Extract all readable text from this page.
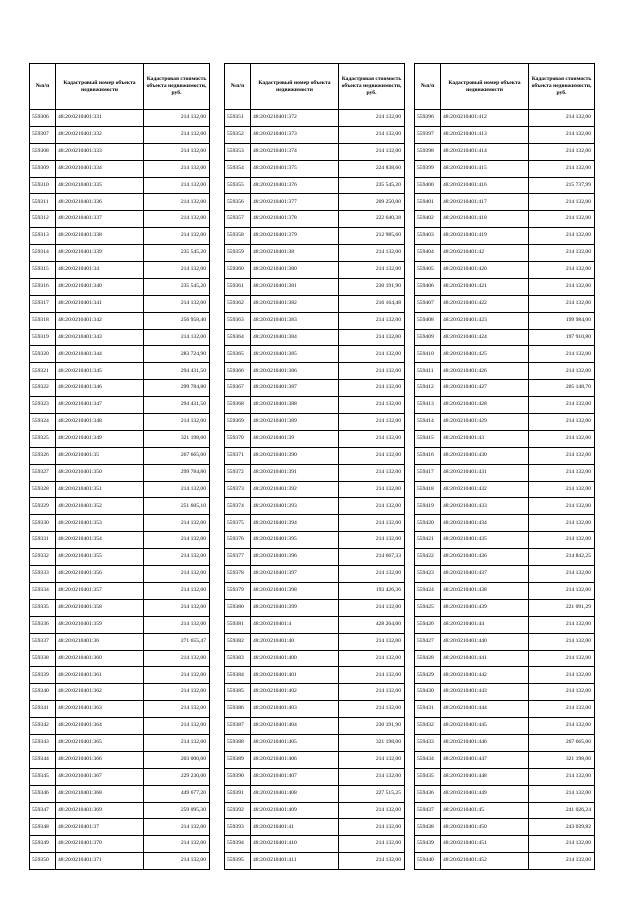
№п/п	Кадастровый номер объекта недвижимости	Кадастровая стоимость объекта недвижимости, руб.
559306	48:20:0210401:331	214 132,00
559307	48:20:0210401:332	214 132,00
559308	48:20:0210401:333	214 132,00
559309	48:20:0210401:334	214 132,00
559310	48:20:0210401:335	214 132,00
559311	48:20:0210401:336	214 132,00
559312	48:20:0210401:337	214 132,00
559313	48:20:0210401:338	214 132,00
559314	48:20:0210401:339	235 545,20
559315	48:20:0210401:34	214 132,00
559316	48:20:0210401:340	235 545,20
559317	48:20:0210401:341	214 132,00
559318	48:20:0210401:342	256 958,40
559319	48:20:0210401:343	214 132,00
559320	48:20:0210401:344	283 724,90
559321	48:20:0210401:345	294 431,50
559322	48:20:0210401:346	299 784,80
559323	48:20:0210401:347	294 431,50
559324	48:20:0210401:348	214 132,00
559325	48:20:0210401:349	321 198,00
559326	48:20:0210401:35	267 665,00
559327	48:20:0210401:350	299 784,80
559328	48:20:0210401:351	214 132,00
559329	48:20:0210401:352	251 605,10
559330	48:20:0210401:353	214 132,00
559331	48:20:0210401:354	214 132,00
559332	48:20:0210401:355	214 132,00
559333	48:20:0210401:356	214 132,00
559334	48:20:0210401:357	214 132,00
559335	48:20:0210401:358	214 132,00
559336	48:20:0210401:359	214 132,00
559337	48:20:0210401:36	271 655,47
559338	48:20:0210401:360	214 132,00
559339	48:20:0210401:361	214 132,00
559340	48:20:0210401:362	214 132,00
559341	48:20:0210401:363	214 132,00
559342	48:20:0210401:364	214 132,00
559343	48:20:0210401:365	214 132,00
559344	48:20:0210401:366	203 000,00
559345	48:20:0210401:367	229 230,00
559346	48:20:0210401:368	449 677,20
559347	48:20:0210401:369	259 095,30
559348	48:20:0210401:37	214 132,00
559349	48:20:0210401:370	214 132,00
559350	48:20:0210401:371	214 132,00
№п/п	Кадастровый номер объекта недвижимости	Кадастровая стоимость объекта недвижимости, руб.
559351	48:20:0210401:372	214 132,00
559352	48:20:0210401:373	214 132,00
559353	48:20:0210401:374	214 132,00
559354	48:20:0210401:375	224 838,60
559355	48:20:0210401:376	235 545,20
559356	48:20:0210401:377	209 250,00
559357	48:20:0210401:378	222 640,38
559358	48:20:0210401:379	212 985,60
559359	48:20:0210401:38	214 132,00
559360	48:20:0210401:380	214 132,00
559361	48:20:0210401:381	230 191,90
559362	48:20:0210401:382	216 164,48
559363	48:20:0210401:383	214 132,00
559364	48:20:0210401:384	214 132,00
559365	48:20:0210401:385	214 132,00
559366	48:20:0210401:386	214 132,00
559367	48:20:0210401:387	214 132,00
559368	48:20:0210401:388	214 132,00
559369	48:20:0210401:389	214 132,00
559370	48:20:0210401:39	214 132,00
559371	48:20:0210401:390	214 132,00
559372	48:20:0210401:391	214 132,00
559373	48:20:0210401:392	214 132,00
559374	48:20:0210401:393	214 132,00
559375	48:20:0210401:394	214 132,00
559376	48:20:0210401:395	214 132,00
559377	48:20:0210401:396	214 667,33
559378	48:20:0210401:397	214 132,00
559379	48:20:0210401:398	193 426,36
559380	48:20:0210401:399	214 132,00
559381	48:20:0210401:4	428 264,00
559382	48:20:0210401:40	214 132,00
559383	48:20:0210401:400	214 132,00
559384	48:20:0210401:401	214 132,00
559385	48:20:0210401:402	214 132,00
559386	48:20:0210401:403	214 132,00
559387	48:20:0210401:404	230 191,90
559388	48:20:0210401:405	321 198,00
559389	48:20:0210401:406	214 132,00
559390	48:20:0210401:407	214 132,00
559391	48:20:0210401:408	227 515,25
559392	48:20:0210401:409	214 132,00
559393	48:20:0210401:41	214 132,00
559394	48:20:0210401:410	214 132,00
559395	48:20:0210401:411	214 132,00
№п/п	Кадастровый номер объекта недвижимости	Кадастровая стоимость объекта недвижимости, руб.
559396	48:20:0210401:412	214 132,00
559397	48:20:0210401:413	214 132,00
559398	48:20:0210401:414	214 132,00
559399	48:20:0210401:415	214 132,00
559400	48:20:0210401:416	215 737,99
559401	48:20:0210401:417	214 132,00
559402	48:20:0210401:418	214 132,00
559403	48:20:0210401:419	214 132,00
559404	48:20:0210401:42	214 132,00
559405	48:20:0210401:420	214 132,00
559406	48:20:0210401:421	214 132,00
559407	48:20:0210401:422	214 132,00
559408	48:20:0210401:423	199 984,00
559409	48:20:0210401:424	197 910,80
559410	48:20:0210401:425	214 132,00
559411	48:20:0210401:426	214 132,00
559412	48:20:0210401:427	205 148,70
559413	48:20:0210401:428	214 132,00
559414	48:20:0210401:429	214 132,00
559415	48:20:0210401:43	214 132,00
559416	48:20:0210401:430	214 132,00
559417	48:20:0210401:431	214 132,00
559418	48:20:0210401:432	214 132,00
559419	48:20:0210401:433	214 132,00
559420	48:20:0210401:434	214 132,00
559421	48:20:0210401:435	214 132,00
559422	48:20:0210401:436	214 842,25
559423	48:20:0210401:437	214 132,00
559424	48:20:0210401:438	214 132,00
559425	48:20:0210401:439	221 091,29
559426	48:20:0210401:44	214 132,00
559427	48:20:0210401:440	214 132,00
559428	48:20:0210401:441	214 132,00
559429	48:20:0210401:442	214 132,00
559430	48:20:0210401:443	214 132,00
559431	48:20:0210401:444	214 132,00
559432	48:20:0210401:445	214 132,00
559433	48:20:0210401:446	267 665,00
559434	48:20:0210401:447	321 198,00
559435	48:20:0210401:448	214 132,00
559436	48:20:0210401:449	214 132,00
559437	48:20:0210401:45	241 026,24
559438	48:20:0210401:450	243 039,82
559439	48:20:0210401:451	214 132,00
559440	48:20:0210401:452	214 132,00
